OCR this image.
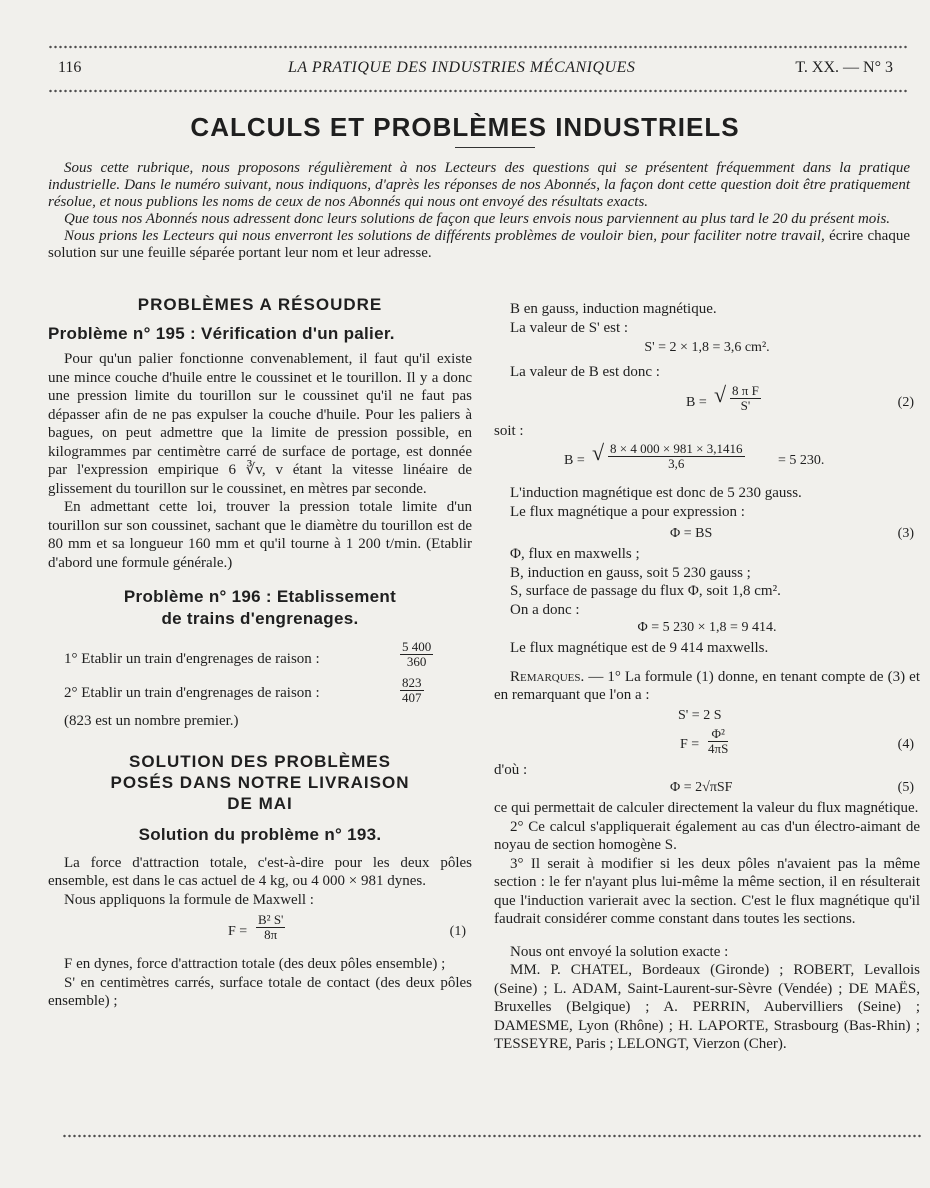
116	LA PRATIQUE DES INDUSTRIES MÉCANIQUES	T. XX. — N° 3
CALCULS ET PROBLÈMES INDUSTRIELS

Sous cette rubrique, nous proposons régulièrement à nos Lecteurs des questions qui se présentent fréquemment dans la pratique industrielle. Dans le numéro suivant, nous indiquons, d'après les réponses de nos Abonnés, la façon dont cette question doit être pratiquement résolue, et nous publions les noms de ceux de nos Abonnés qui nous ont envoyé des résultats exacts.

Que tous nos Abonnés nous adressent donc leurs solutions de façon que leurs envois nous parviennent au plus tard le 20 du présent mois.

Nous prions les Lecteurs qui nous enverront les solutions de différents problèmes de vouloir bien, pour faciliter notre travail, écrire chaque solution sur une feuille séparée portant leur nom et leur adresse.

PROBLÈMES A RÉSOUDRE
Problème n° 195 : Vérification d'un palier.

Pour qu'un palier fonctionne convenablement, il faut qu'il existe une mince couche d'huile entre le coussinet et le tourillon. Il y a donc une pression limite du tourillon sur le coussinet qu'il ne faut pas dépasser afin de ne pas expulser la couche d'huile. Pour les paliers à bagues, on peut admettre que la limite de pression possible, en kilogrammes par centimètre carré de surface de portage, est donnée par l'expression empirique 6 ∛v, v étant la vitesse linéaire de glissement du tourillon sur le coussinet, en mètres par seconde.

En admettant cette loi, trouver la pression totale limite d'un tourillon sur son coussinet, sachant que le diamètre du tourillon est de 80 mm et sa longueur 160 mm et qu'il tourne à 1 200 t/min. (Etablir d'abord une formule générale.)

Problème n° 196 : Etablissement
de trains d'engrenages.
1° Etablir un train d'engrenages de raison :	$\frac{5 400}{360}$
2° Etablir un train d'engrenages de raison :	$\frac{823}{407}$

(823 est un nombre premier.)

SOLUTION DES PROBLÈMES
POSÉS DANS NOTRE LIVRAISON
DE MAI
Solution du problème n° 193.

La force d'attraction totale, c'est-à-dire pour les deux pôles ensemble, est dans le cas actuel de 4 kg, ou 4 000 × 981 dynes.

Nous appliquons la formule de Maxwell :

$F = \frac{\text{B² S'}}{8\pi}$	(1)

F en dynes, force d'attraction totale (des deux pôles ensemble) ;

S' en centimètres carrés, surface totale de contact (des deux pôles ensemble) ;

B en gauss, induction magnétique.

La valeur de S' est :

S' = 2 × 1,8 = 3,6 cm².

La valeur de B est donc :

B = √ $\frac{\text{8 π F}}{S'}$	(2)

soit :

B = √ $\frac{8 \times 4 000 \times 981 \times 3,1416}{3,6} = 5$ 230.

L'induction magnétique est donc de 5 230 gauss.

Le flux magnétique a pour expression :

Φ = BS	(3)

Φ, flux en maxwells ;

B, induction en gauss, soit 5 230 gauss ;

S, surface de passage du flux Φ, soit 1,8 cm².

On a donc :

Φ = 5 230 × 1,8 = 9 414.

Le flux magnétique est de 9 414 maxwells.

Remarques. — 1° La formule (1) donne, en tenant compte de (3) et en remarquant que l'on a :

S' = 2 S
$F = \frac{\text{Φ²}}{4\pi S}$	(4)

d'où :

Φ = 2√πSF	(5)

ce qui permettait de calculer directement la valeur du flux magnétique.

2° Ce calcul s'appliquerait également au cas d'un électro-aimant de noyau de section homogène S.

3° Il serait à modifier si les deux pôles n'avaient pas la même section : le fer n'ayant plus lui-même la même section, il en résulterait que l'induction varierait avec la section. C'est le flux magnétique qu'il faudrait considérer comme constant dans toutes les sections.

Nous ont envoyé la solution exacte :

MM. P. CHATEL, Bordeaux (Gironde) ; ROBERT, Levallois (Seine) ; L. ADAM, Saint-Laurent-sur-Sèvre (Vendée) ; DE MAËS, Bruxelles (Belgique) ; A. PERRIN, Aubervilliers (Seine) ; DAMESME, Lyon (Rhône) ; H. LAPORTE, Strasbourg (Bas-Rhin) ; TESSEYRE, Paris ; LELONGT, Vierzon (Cher).
